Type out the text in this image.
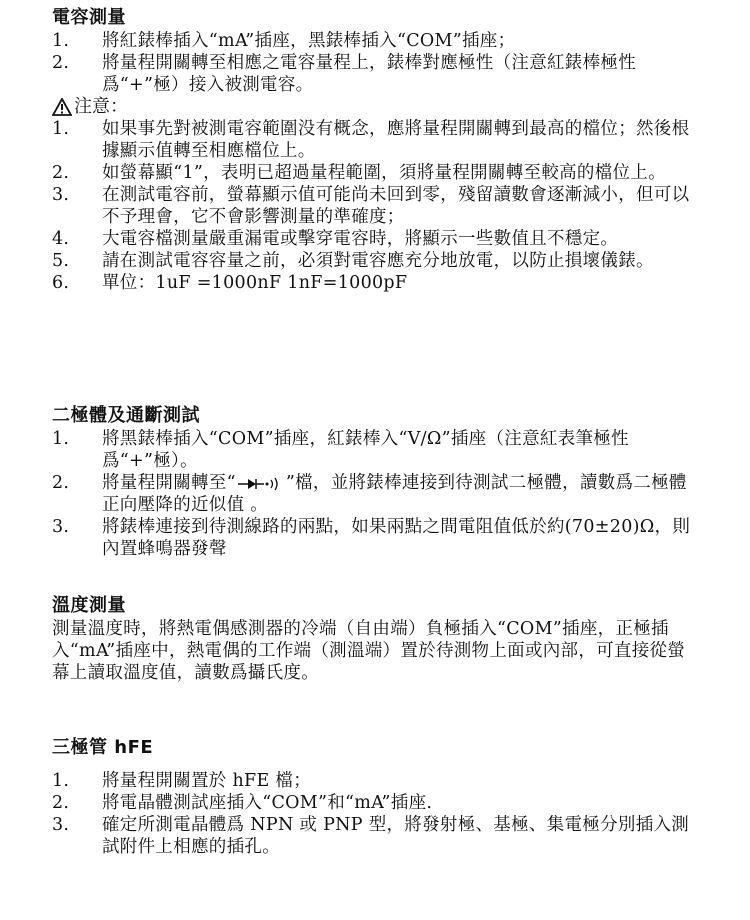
電容測量
1. 將紅錶棒插入“mA”插座，黑錶棒插入“COM”插座；
2. 將量程開關轉至相應之電容量程上，錶棒對應極性（注意紅錶棒極性爲“+”極）接入被測電容。
注意：
1. 如果事先對被測電容範圍没有概念，應將量程開關轉到最高的檔位；然後根據顯示值轉至相應檔位上。
2. 如螢幕顯“1”，表明已超過量程範圍，須將量程開關轉至較高的檔位上。
3. 在測試電容前，螢幕顯示值可能尚未回到零，殘留讀數會逐漸減小，但可以不予理會，它不會影響測量的準確度；
4. 大電容檔測量嚴重漏電或擊穿電容時，將顯示一些數值且不穩定。
5. 請在測試電容容量之前，必須對電容應充分地放電，以防止損壞儀錶。
6. 單位：1uF =1000nF 1nF=1000pF
二極體及通斷測試
1. 將黑錶棒插入“COM”插座，紅錶棒入“V/Ω”插座（注意紅表筆極性爲“+”極）。
2. 將量程開關轉至“	”檔，並將錶棒連接到待測試二極體，讀數爲二極體正向壓降的近似值 。
3. 將錶棒連接到待測線路的兩點，如果兩點之間電阻值低於約(70±20)Ω，則內置蜂鳴器發聲
溫度測量

測量溫度時，將熱電偶感測器的冷端（自由端）負極插入“COM”插座，正極插入“mA”插座中，熱電偶的工作端（測溫端）置於待測物上面或內部，可直接從螢幕上讀取溫度值，讀數爲攝氏度。

三極管 hFE
1. 將量程開關置於 hFE 檔；
2. 將電晶體測試座插入“COM”和“mA”插座.
3. 確定所測電晶體爲 NPN 或 PNP 型，將發射極、基極、集電極分別插入測試附件上相應的插孔。
